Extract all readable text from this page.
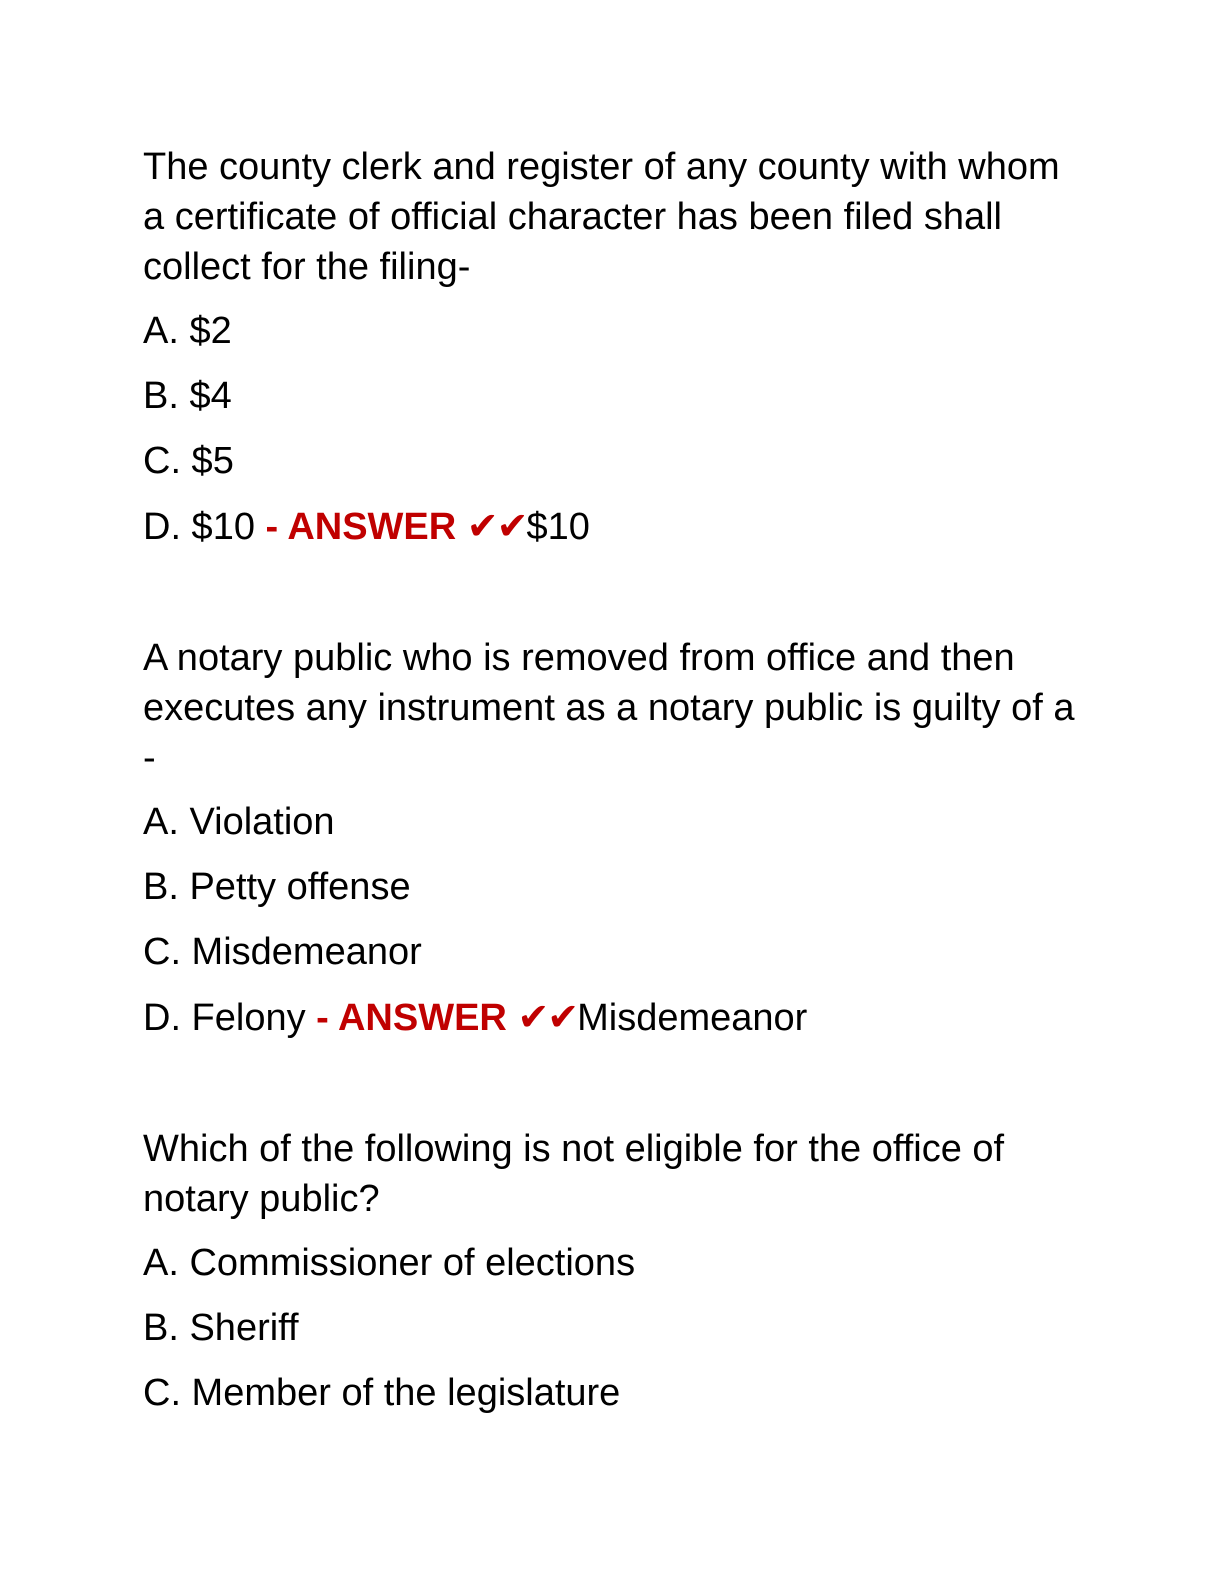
The county clerk and register of any county with whom a certificate of official character has been filed shall collect for the filing-

A. $2
B. $4
C. $5
D. $10 - ANSWER ✔✔$10

A notary public who is removed from office and then executes any instrument as a notary public is guilty of a -

A. Violation
B. Petty offense
C. Misdemeanor
D. Felony - ANSWER ✔✔Misdemeanor

Which of the following is not eligible for the office of notary public?

A. Commissioner of elections
B. Sheriff
C. Member of the legislature
